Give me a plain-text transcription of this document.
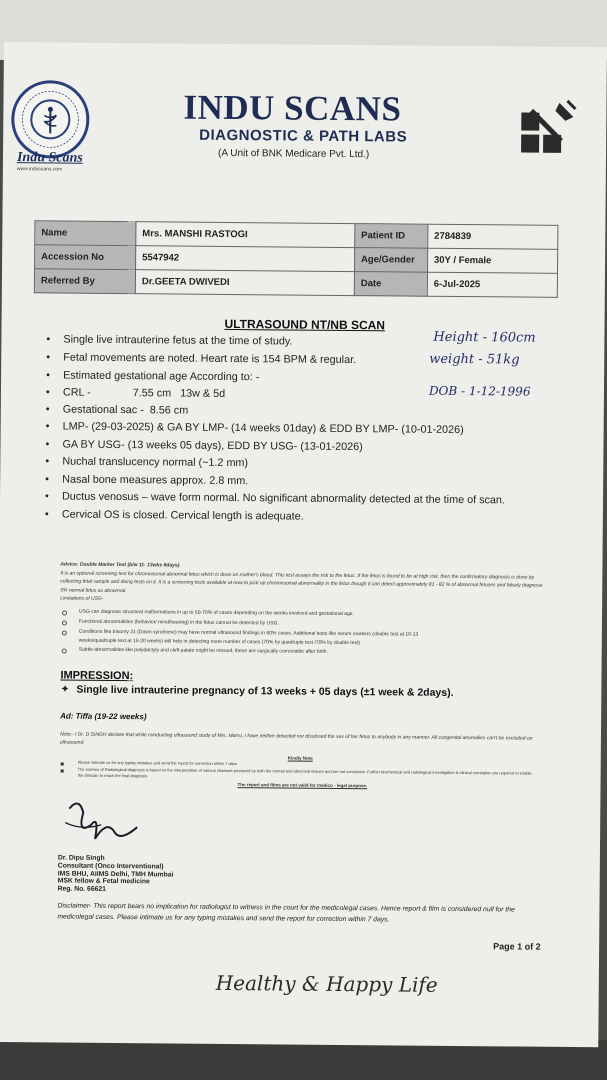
Indu Scans
www.induscans.com
INDU SCANS
DIAGNOSTIC & PATH LABS
(A Unit of BNK Medicare Pvt. Ltd.)
Name	Mrs. MANSHI RASTOGI	Patient ID	2784839
Accession No	5547942	Age/Gender	30Y / Female
Referred By	Dr.GEETA DWIVEDI	Date	6-Jul-2025
ULTRASOUND NT/NB SCAN
• Single live intrauterine fetus at the time of study.
• Fetal movements are noted. Heart rate is 154 BPM & regular.
• Estimated gestational age According to: -
• CRL -              7.55 cm   13w & 5d
• Gestational sac -  8.56 cm
• LMP- (29-03-2025) & GA BY LMP- (14 weeks 01day) & EDD BY LMP- (10-01-2026)
• GA BY USG- (13 weeks 05 days), EDD BY USG- (13-01-2026)
• Nuchal translucency normal (~1.2 mm)
• Nasal bone measures approx. 2.8 mm.
• Ductus venosus – wave form normal. No significant abnormality detected at the time of scan.
• Cervical OS is closed. Cervical length is adequate.
Height - 160cm
weight - 51kg
DOB - 1-12-1996
Advice: Double Marker Test (b/w 11- 13wks 6days)
It is an optional screening test for chromosomal abnormal fetus which is done on mother's blood. This test assays the risk to the fetus. If the fetus is found to be at high risk, then the confirmatory diagnosis is done by collecting fetal sample and doing tests on it. It is a screening tests available at now to pick up chromosomal abnormality in the fetus though it can detect approximately 81 - 82 % of abnormal fetuses and falsely diagnose 5% normal fetus as abnormal.
Limitations of USG-
USG can diagnose structural malformations in up to 50-70% of cases depending on the weeks involved and gestational age.
Functional abnormalities (behavior/ mind/hearing) in the fetus cannot be detected by USG.
Conditions like trisomy 21 (Down syndrome) may have normal ultrasound findings in 60% cases. Additional tests like serum markers (double test at 10-13
weeks/quadruple test at 15-20 weeks) will help in detecting more number of cases (70% by quadruple test /70% by double test)
Subtle abnormalities like polydactyly and cleft palate might be missed, these are surgically correctable after birth.
IMPRESSION:
✦ Single live intrauterine pregnancy of 13 weeks + 05 days (±1 week & 2days).
Ad: Tiffa (19-22 weeks)
Note:- I Dr. D SINGH declare that while conducting ultrasound study of Mrs. Mansi, I have neither detected nor disclosed the sex of her fetus to anybody in any manner. All congenital anomalies can't be excluded on ultrasound.
Kindly Note
Please intimate us for any typing mistakes and send the report for correction within 7 days.
The science of Radiological diagnosis is based on the interpretation of various shadows produced by both the normal and abnormal tissues and are not conclusive. Further biochemical and radiological investigation & clinical correlation are required to enable the clinician to reach the final diagnosis.
The report and films are not valid for medico - legal purpose.
Dr. Dipu Singh
Consultant (Onco Interventional)
IMS BHU, AIIMS Delhi, TMH Mumbai
MSK fellow & Fetal medicine
Reg. No. 66621
Disclaimer- This report bears no implication for radiologist to witness in the court for the medicolegal cases. Hence report & film is considered null for the medicolegal cases. Please intimate us for any typing mistakes and send the report for correction within 7 days.
Page 1 of 2
Healthy & Happy Life
